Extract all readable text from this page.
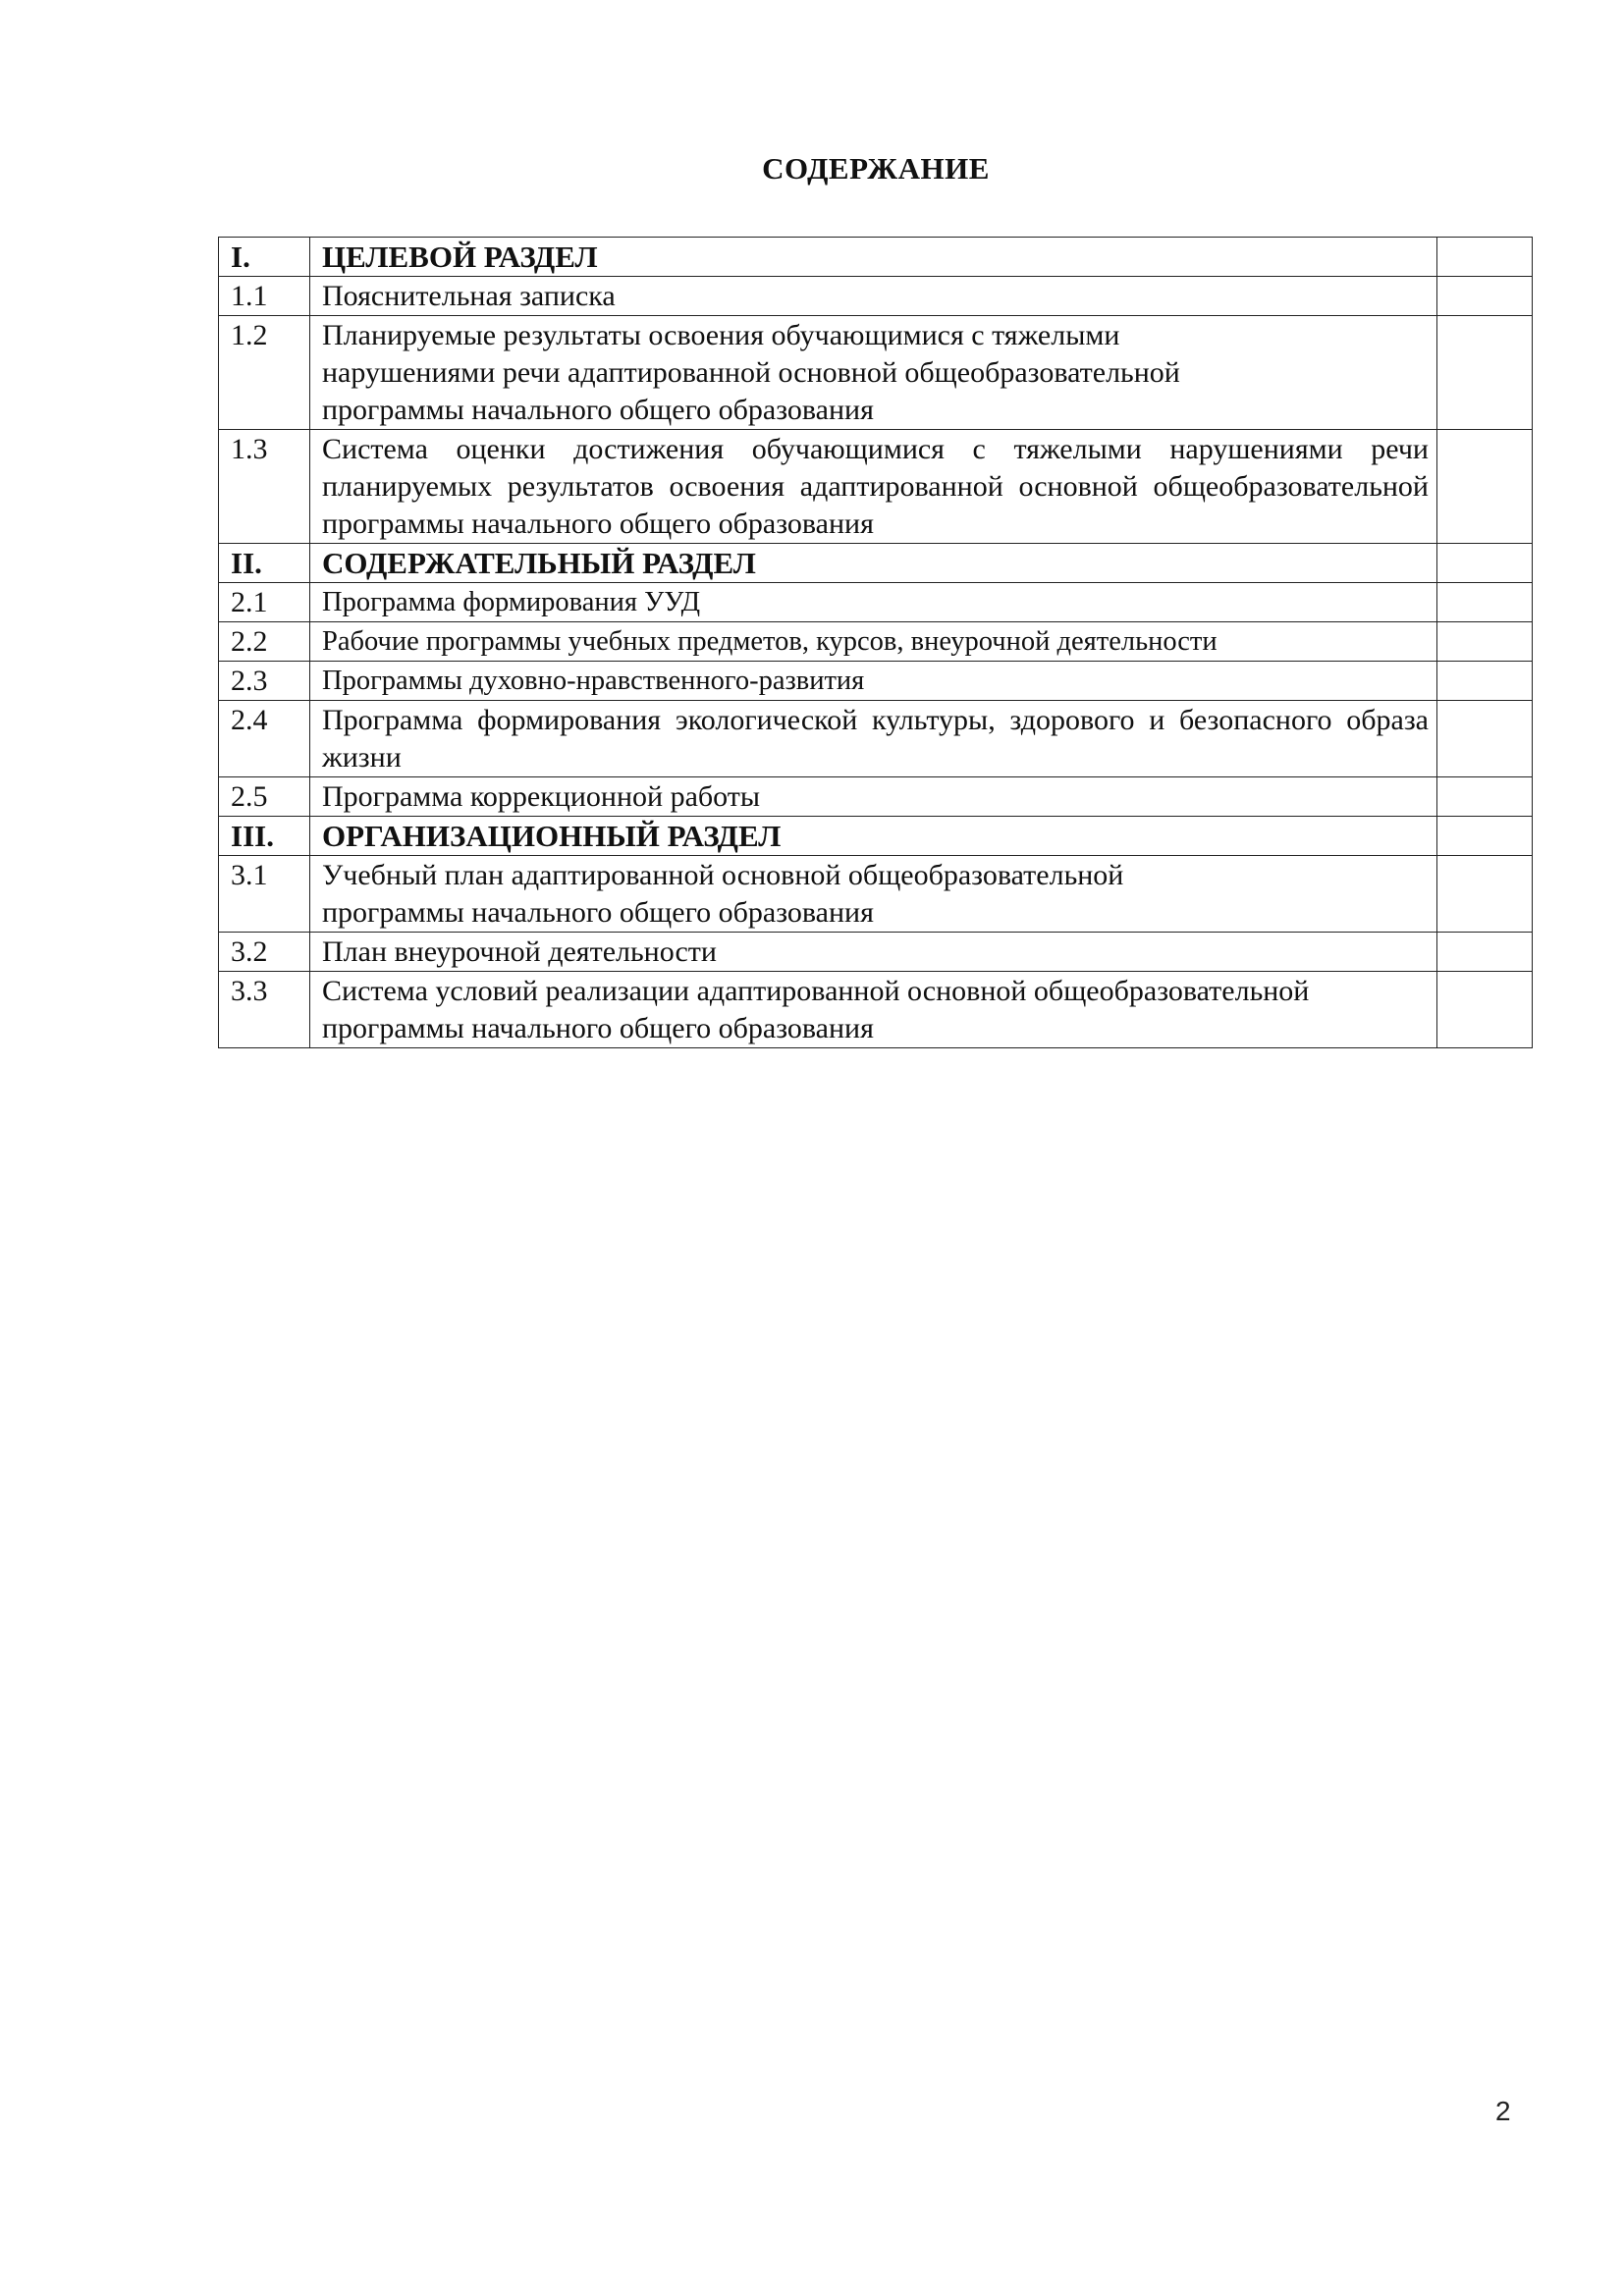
СОДЕРЖАНИЕ
I.	ЦЕЛЕВОЙ РАЗДЕЛ	
1.1	Пояснительная записка	
1.2	Планируемые результаты освоения обучающимися с тяжелыми нарушениями речи адаптированной основной общеобразовательной программы начального общего образования	
1.3	Система оценки достижения обучающимися с тяжелыми нарушениями речи планируемых результатов освоения адаптированной основной общеобразовательной программы начального общего образования	
II.	СОДЕРЖАТЕЛЬНЫЙ РАЗДЕЛ	
2.1	Программа формирования УУД	
2.2	Рабочие программы учебных предметов, курсов, внеурочной деятельности	
2.3	Программы духовно-нравственного-развития	
2.4	Программа формирования экологической культуры, здорового и безопасного образа жизни	
2.5	Программа коррекционной работы	
III.	ОРГАНИЗАЦИОННЫЙ РАЗДЕЛ	
3.1	Учебный план адаптированной основной общеобразовательной программы начального общего образования	
3.2	План внеурочной деятельности	
3.3	Система условий реализации адаптированной основной общеобразовательной программы начального общего образования	
2
